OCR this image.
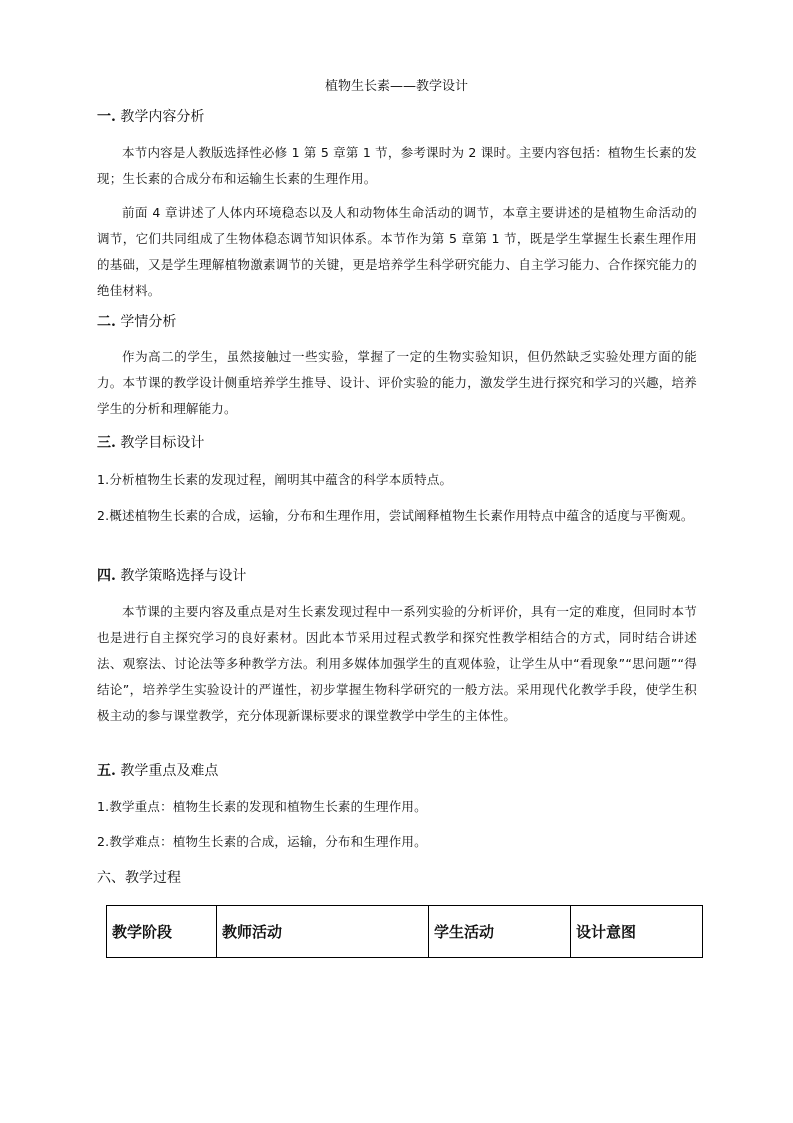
植物生长素——教学设计
一. 教学内容分析
本节内容是人教版选择性必修 1 第 5 章第 1 节，参考课时为 2 课时。主要内容包括：植物生长素的发现；生长素的合成分布和运输生长素的生理作用。
前面 4 章讲述了人体内环境稳态以及人和动物体生命活动的调节，本章主要讲述的是植物生命活动的调节，它们共同组成了生物体稳态调节知识体系。本节作为第 5 章第 1 节，既是学生掌握生长素生理作用的基础，又是学生理解植物激素调节的关键，更是培养学生科学研究能力、自主学习能力、合作探究能力的绝佳材料。
二. 学情分析
作为高二的学生，虽然接触过一些实验，掌握了一定的生物实验知识，但仍然缺乏实验处理方面的能力。本节课的教学设计侧重培养学生推导、设计、评价实验的能力，激发学生进行探究和学习的兴趣，培养学生的分析和理解能力。
三. 教学目标设计
1.分析植物生长素的发现过程，阐明其中蕴含的科学本质特点。
2.概述植物生长素的合成，运输，分布和生理作用，尝试阐释植物生长素作用特点中蕴含的适度与平衡观。
四. 教学策略选择与设计
本节课的主要内容及重点是对生长素发现过程中一系列实验的分析评价，具有一定的难度，但同时本节也是进行自主探究学习的良好素材。因此本节采用过程式教学和探究性教学相结合的方式，同时结合讲述法、观察法、讨论法等多种教学方法。利用多媒体加强学生的直观体验，让学生从中“看现象”“思问题”“得结论”，培养学生实验设计的严谨性，初步掌握生物科学研究的一般方法。采用现代化教学手段，使学生积极主动的参与课堂教学，充分体现新课标要求的课堂教学中学生的主体性。
五. 教学重点及难点
1.教学重点：植物生长素的发现和植物生长素的生理作用。
2.教学难点：植物生长素的合成，运输，分布和生理作用。
六、教学过程
教学阶段	教师活动	学生活动	设计意图
